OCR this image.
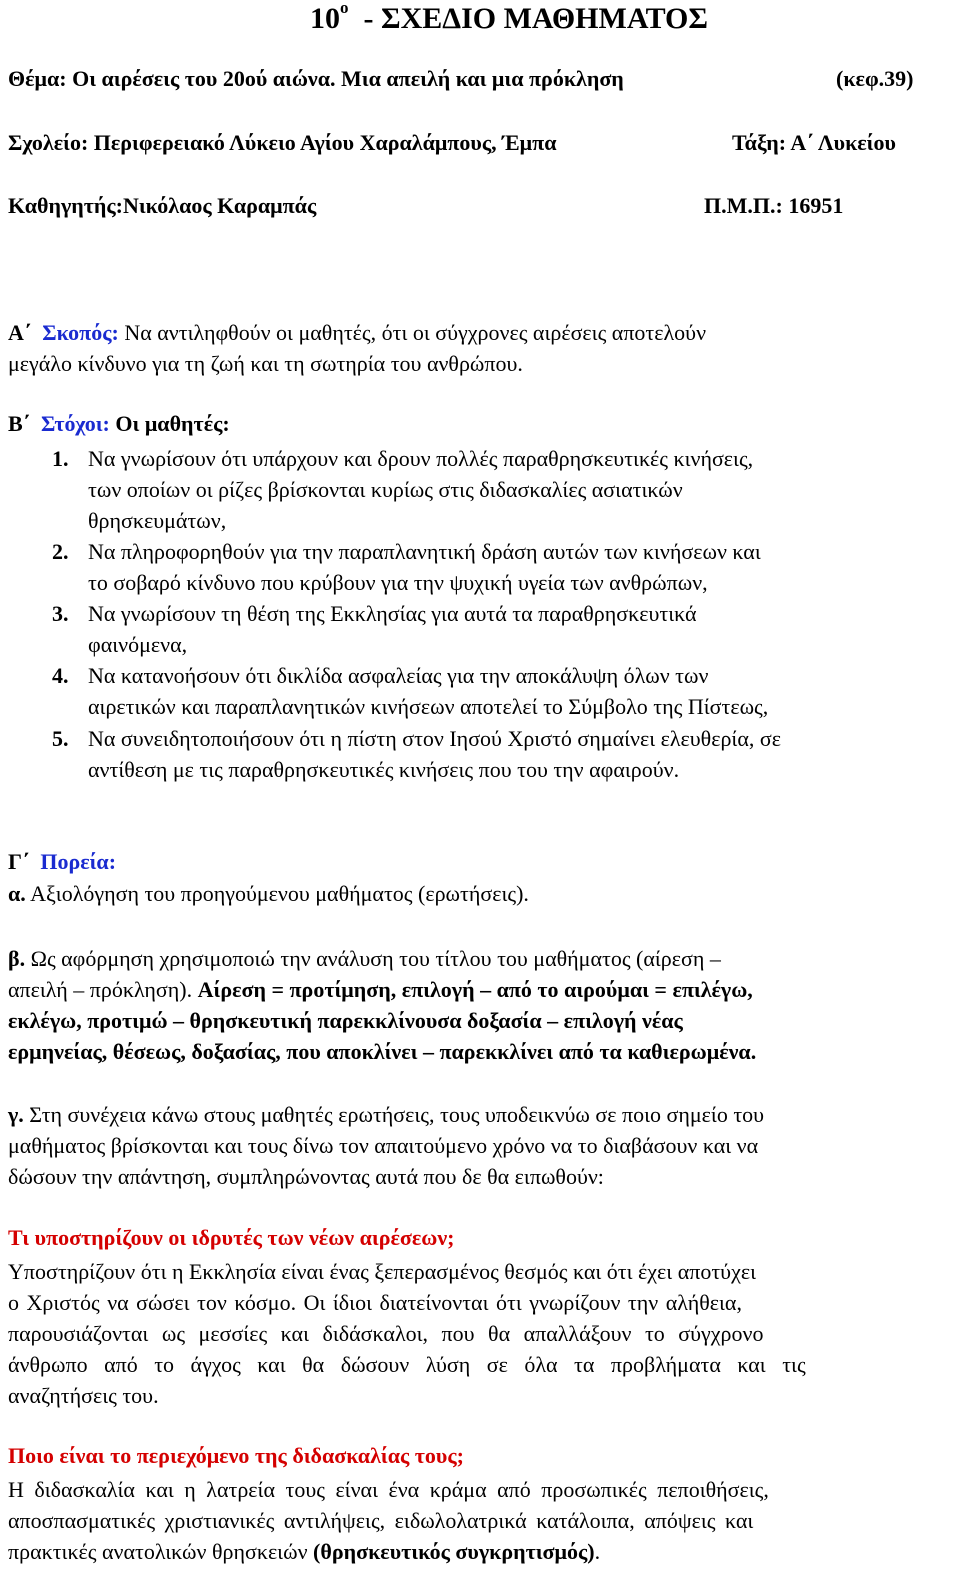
$10^o$ - ΣΧΕΔΙΟ ΜΑΘΗΜΑΤΟΣ
Θέμα: Οι αιρέσεις του 20ού αιώνα. Μια απειλή και μια πρόκληση	(κεφ.39)
Σχολείο: Περιφερειακό Λύκειο Αγίου Χαραλάμπους, Έμπα	Τάξη: Α΄ Λυκείου
Καθηγητής:Νικόλαος Καραμπάς	Π.Μ.Π.: 16951
Α΄ Σκοπός: Να αντιληφθούν οι μαθητές, ότι οι σύγχρονες αιρέσεις αποτελούν
μεγάλο κίνδυνο για τη ζωή και τη σωτηρία του ανθρώπου.
Β΄ Στόχοι: Οι μαθητές:
1. Να γνωρίσουν ότι υπάρχουν και δρουν πολλές παραθρησκευτικές κινήσεις,
των οποίων οι ρίζες βρίσκονται κυρίως στις διδασκαλίες ασιατικών
θρησκευμάτων,
2. Να πληροφορηθούν για την παραπλανητική δράση αυτών των κινήσεων και
το σοβαρό κίνδυνο που κρύβουν για την ψυχική υγεία των ανθρώπων,
3. Να γνωρίσουν τη θέση της Εκκλησίας για αυτά τα παραθρησκευτικά
φαινόμενα,
4. Να κατανοήσουν ότι δικλίδα ασφαλείας για την αποκάλυψη όλων των
αιρετικών και παραπλανητικών κινήσεων αποτελεί το Σύμβολο της Πίστεως,
5. Να συνειδητοποιήσουν ότι η πίστη στον Ιησού Χριστό σημαίνει ελευθερία, σε
αντίθεση με τις παραθρησκευτικές κινήσεις που του την αφαιρούν.
Γ΄ Πορεία:
α. Αξιολόγηση του προηγούμενου μαθήματος (ερωτήσεις).
β. Ως αφόρμηση χρησιμοποιώ την ανάλυση του τίτλου του μαθήματος (αίρεση –
απειλή – πρόκληση). Αίρεση = προτίμηση, επιλογή – από το αιρούμαι = επιλέγω,
εκλέγω, προτιμώ – θρησκευτική παρεκκλίνουσα δοξασία – επιλογή νέας
ερμηνείας, θέσεως, δοξασίας, που αποκλίνει – παρεκκλίνει από τα καθιερωμένα.
γ. Στη συνέχεια κάνω στους μαθητές ερωτήσεις, τους υποδεικνύω σε ποιο σημείο του
μαθήματος βρίσκονται και τους δίνω τον απαιτούμενο χρόνο να το διαβάσουν και να
δώσουν την απάντηση, συμπληρώνοντας αυτά που δε θα ειπωθούν:
Τι υποστηρίζουν οι ιδρυτές των νέων αιρέσεων;
Υποστηρίζουν ότι η Εκκλησία είναι ένας ξεπερασμένος θεσμός και ότι έχει αποτύχει
ο Χριστός να σώσει τον κόσμο. Οι ίδιοι διατείνονται ότι γνωρίζουν την αλήθεια,
παρουσιάζονται ως μεσσίες και διδάσκαλοι, που θα απαλλάξουν το σύγχρονο
άνθρωπο από το άγχος και θα δώσουν λύση σε όλα τα προβλήματα και τις
αναζητήσεις του.
Ποιο είναι το περιεχόμενο της διδασκαλίας τους;
Η διδασκαλία και η λατρεία τους είναι ένα κράμα από προσωπικές πεποιθήσεις,
αποσπασματικές χριστιανικές αντιλήψεις, ειδωλολατρικά κατάλοιπα, απόψεις και
πρακτικές ανατολικών θρησκειών (θρησκευτικός συγκρητισμός).
